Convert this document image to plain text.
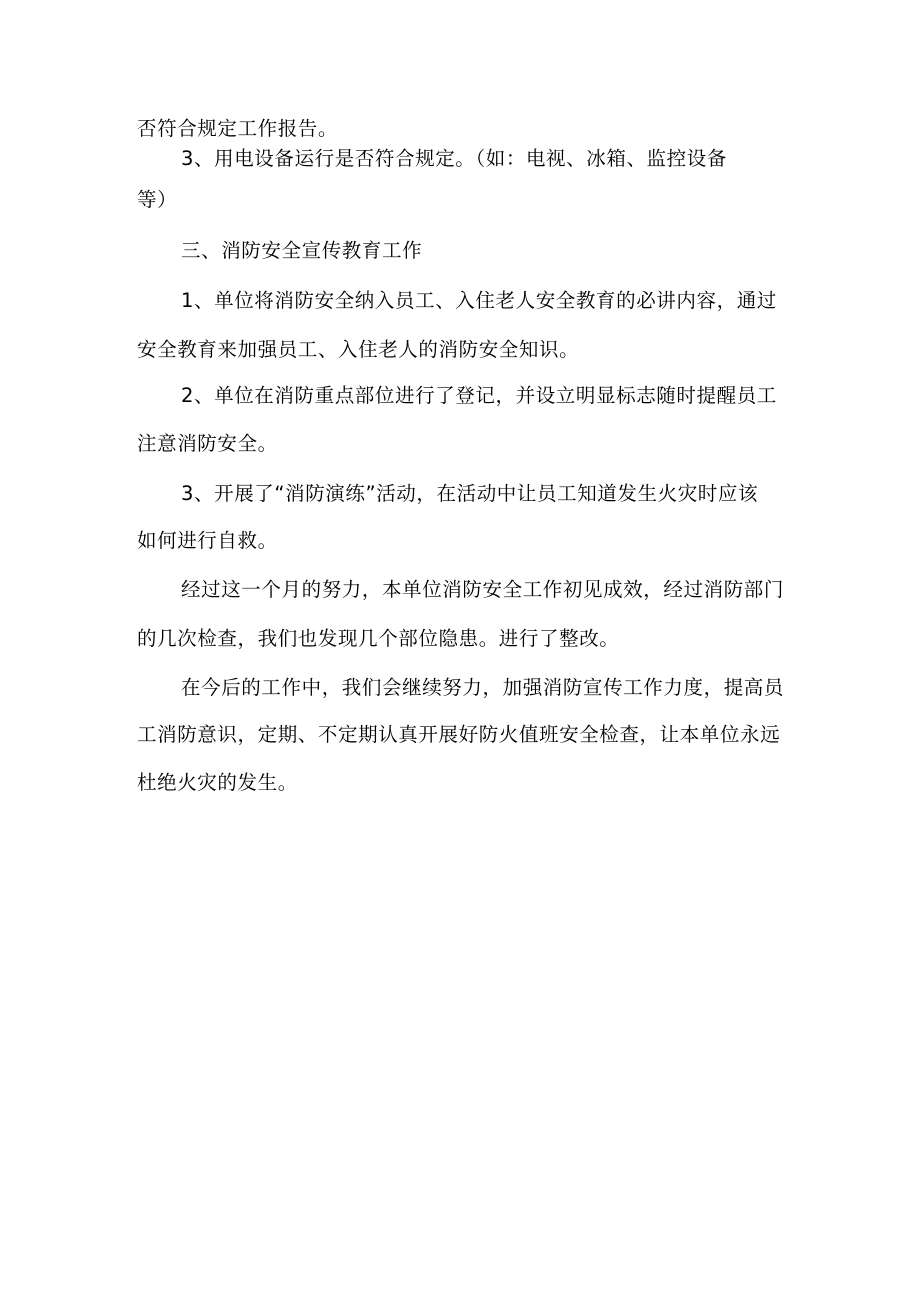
否符合规定工作报告。
3、用电设备运行是否符合规定。（如：电视、冰箱、监控设备
等）
三、消防安全宣传教育工作
1、单位将消防安全纳入员工、入住老人安全教育的必讲内容，通过
安全教育来加强员工、入住老人的消防安全知识。
2、单位在消防重点部位进行了登记，并设立明显标志随时提醒员工
注意消防安全。
3、开展了“消防演练”活动，在活动中让员工知道发生火灾时应该
如何进行自救。
经过这一个月的努力，本单位消防安全工作初见成效，经过消防部门
的几次检查，我们也发现几个部位隐患。进行了整改。
在今后的工作中，我们会继续努力，加强消防宣传工作力度，提高员
工消防意识，定期、不定期认真开展好防火值班安全检查，让本单位永远
杜绝火灾的发生。
